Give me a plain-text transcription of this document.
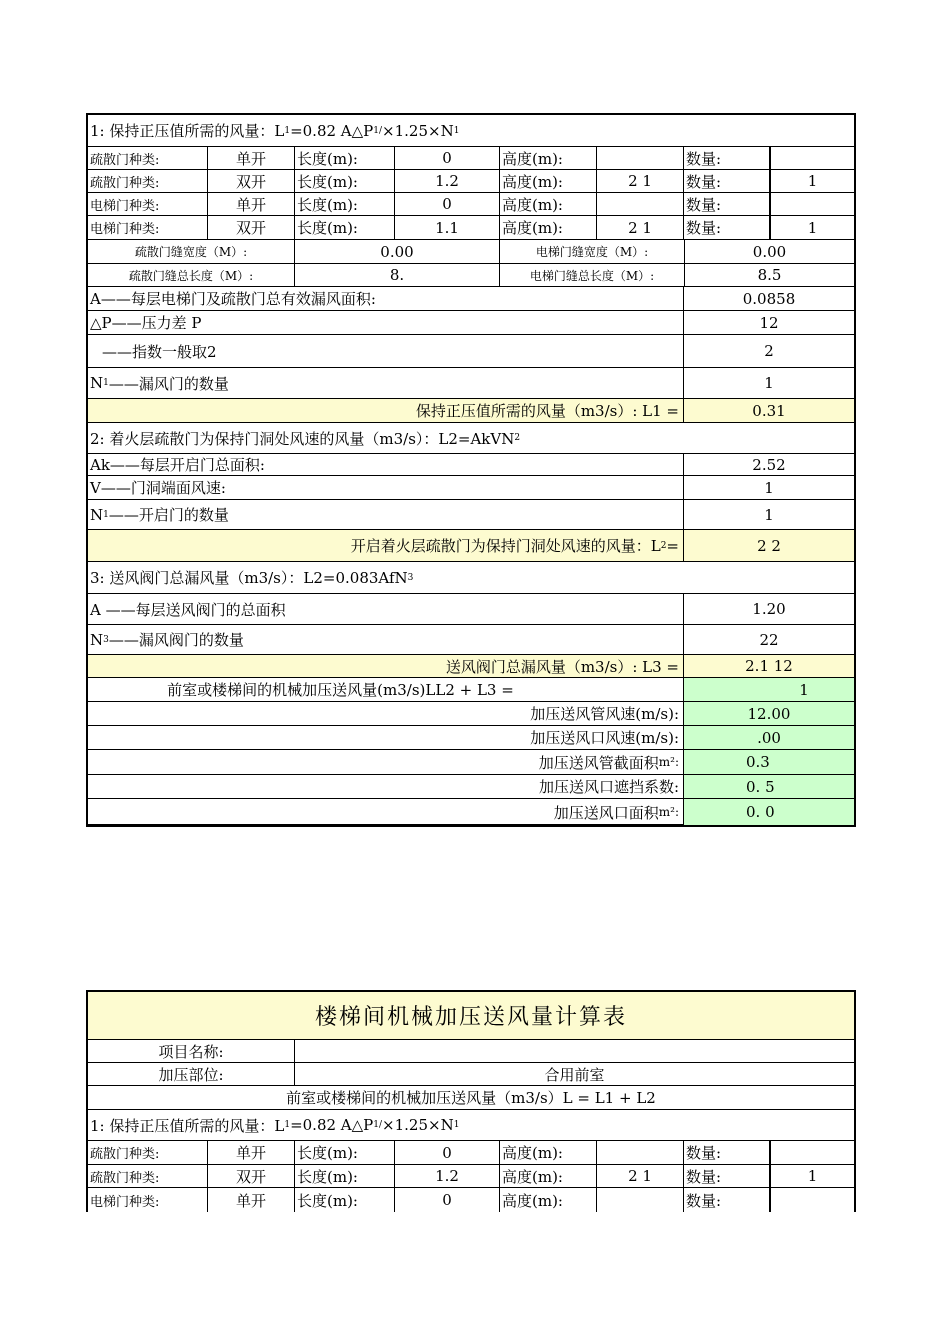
1: 保持正压值所需的风量：L 1 =0.82 A△P 1/ ×1.25×N 1
疏散门种类:	单开	长度(m):	0	高度(m):	数量:
疏散门种类:	双开	长度(m):	1.2	高度(m):	2 1	数量:	1
电梯门种类:	单开	长度(m):	0	高度(m):	数量:
电梯门种类:	双开	长度(m):	1.1	高度(m):	2 1	数量:	1
疏散门缝宽度（M）:	0.00	电梯门缝宽度（M）:	0.00
疏散门缝总长度（M）:	8.	电梯门缝总长度（M）:	8.5
A——每层电梯门及疏散门总有效漏风面积:	0.0858
△P——压力差 P	12
——指数一般取2	2
N 1 ——漏风门的数量	1
保持正压值所需的风量（m3/s）: L1 =	0.31
2: 着火层疏散门为保持门洞处风速的风量（m3/s）：L2=AkVN 2
Ak——每层开启门总面积:	2.52
V——门洞端面风速:	1
N 1 ——开启门的数量	1
开启着火层疏散门为保持门洞处风速的风量：L 2 =	2 2
3: 送风阀门总漏风量（m3/s）：L2=0.083AfN 3
A ——每层送风阀门的总面积	1.20
N 3 ——漏风阀门的数量	22
送风阀门总漏风量（m3/s）: L3 =	2.1 12
前室或楼梯间的机械加压送风量(m3/s)LL2 + L3 =	1
加压送风管风速(m/s):	12.00
加压送风口风速(m/s):	.00
加压送风管截面积 m²:	0.3
加压送风口遮挡系数:	0. 5
加压送风口面积 m²:	0. 0
楼梯间机械加压送风量计算表
项目名称:
加压部位:	合用前室
前室或楼梯间的机械加压送风量（m3/s）L = L1 + L2
1: 保持正压值所需的风量：L 1 =0.82 A△P 1/ ×1.25×N 1
疏散门种类:	单开	长度(m):	0	高度(m):	数量:
疏散门种类:	双开	长度(m):	1.2	高度(m):	2 1	数量:	1
电梯门种类:	单开	长度(m):	0	高度(m):	数量:
